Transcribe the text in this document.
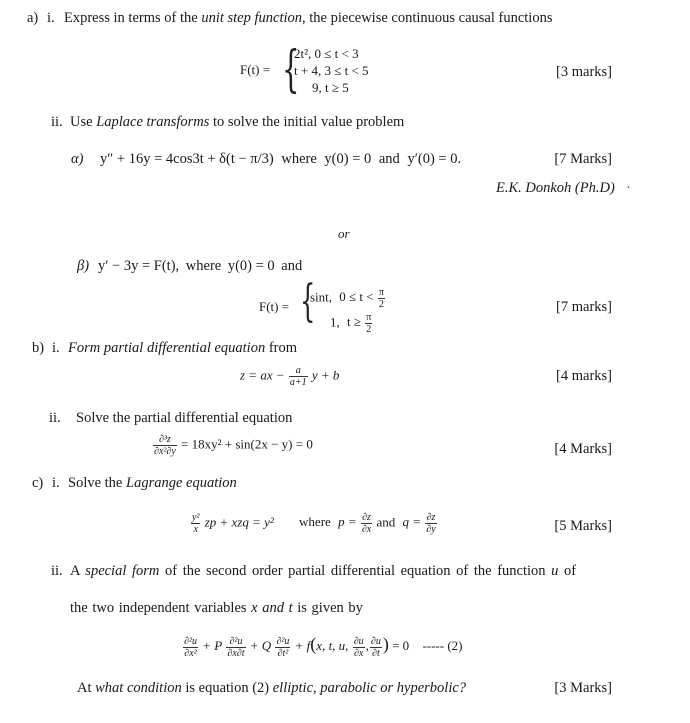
a) i. Express in terms of the unit step function, the piecewise continuous causal functions
F(t) = {
2t², 0 ≤ t < 3
t + 4, 3 ≤ t < 5
9, t ≥ 5
[3 marks]
ii. Use Laplace transforms to solve the initial value problem
α) y″ + 16y = 4cos3t + δ(t − π/3) where y(0) = 0 and y′(0) = 0.	[7 Marks]
E.K. Donkoh (Ph.D) ·
or
β) y′ − 3y = F(t), where y(0) = 0 and
F(t) = {
sint, $0 \le t < \frac{\pi}{2}$
1, $t \ge \frac{\pi}{2}$
[7 marks]
b) i. Form partial differential equation from
z = ax − $\frac{a}{a+1}$ y + b	[4 marks]
ii. Solve the partial differential equation
$\frac{\text{∂³z}}{\text{∂x²∂y}} = 18xy^2 + \sin(2x - y) = 0$	[4 Marks]
c) i. Solve the Lagrange equation
$\frac{\text{y²}}{x}$ zp + xzq = y² where $p = \frac{\partial z}{\partial x}$ and $q = \frac{\partial z}{\partial y}$	[5 Marks]
ii. A special form of the second order partial differential equation of the function u of
the two independent variables x and t is given by
$\frac{\text{∂²u}}{\text{∂x²}} + P \frac{\text{∂²u}}{\partial x\partial t} + Q \frac{\text{∂²u}}{\text{∂t²}} + f(x$, t, u, $\frac{\partial u}{\partial x}$ , $\frac{\partial u}{\partial t}$ ) = 0 ----- (2)
At what condition is equation (2) elliptic, parabolic or hyperbolic?	[3 Marks]
